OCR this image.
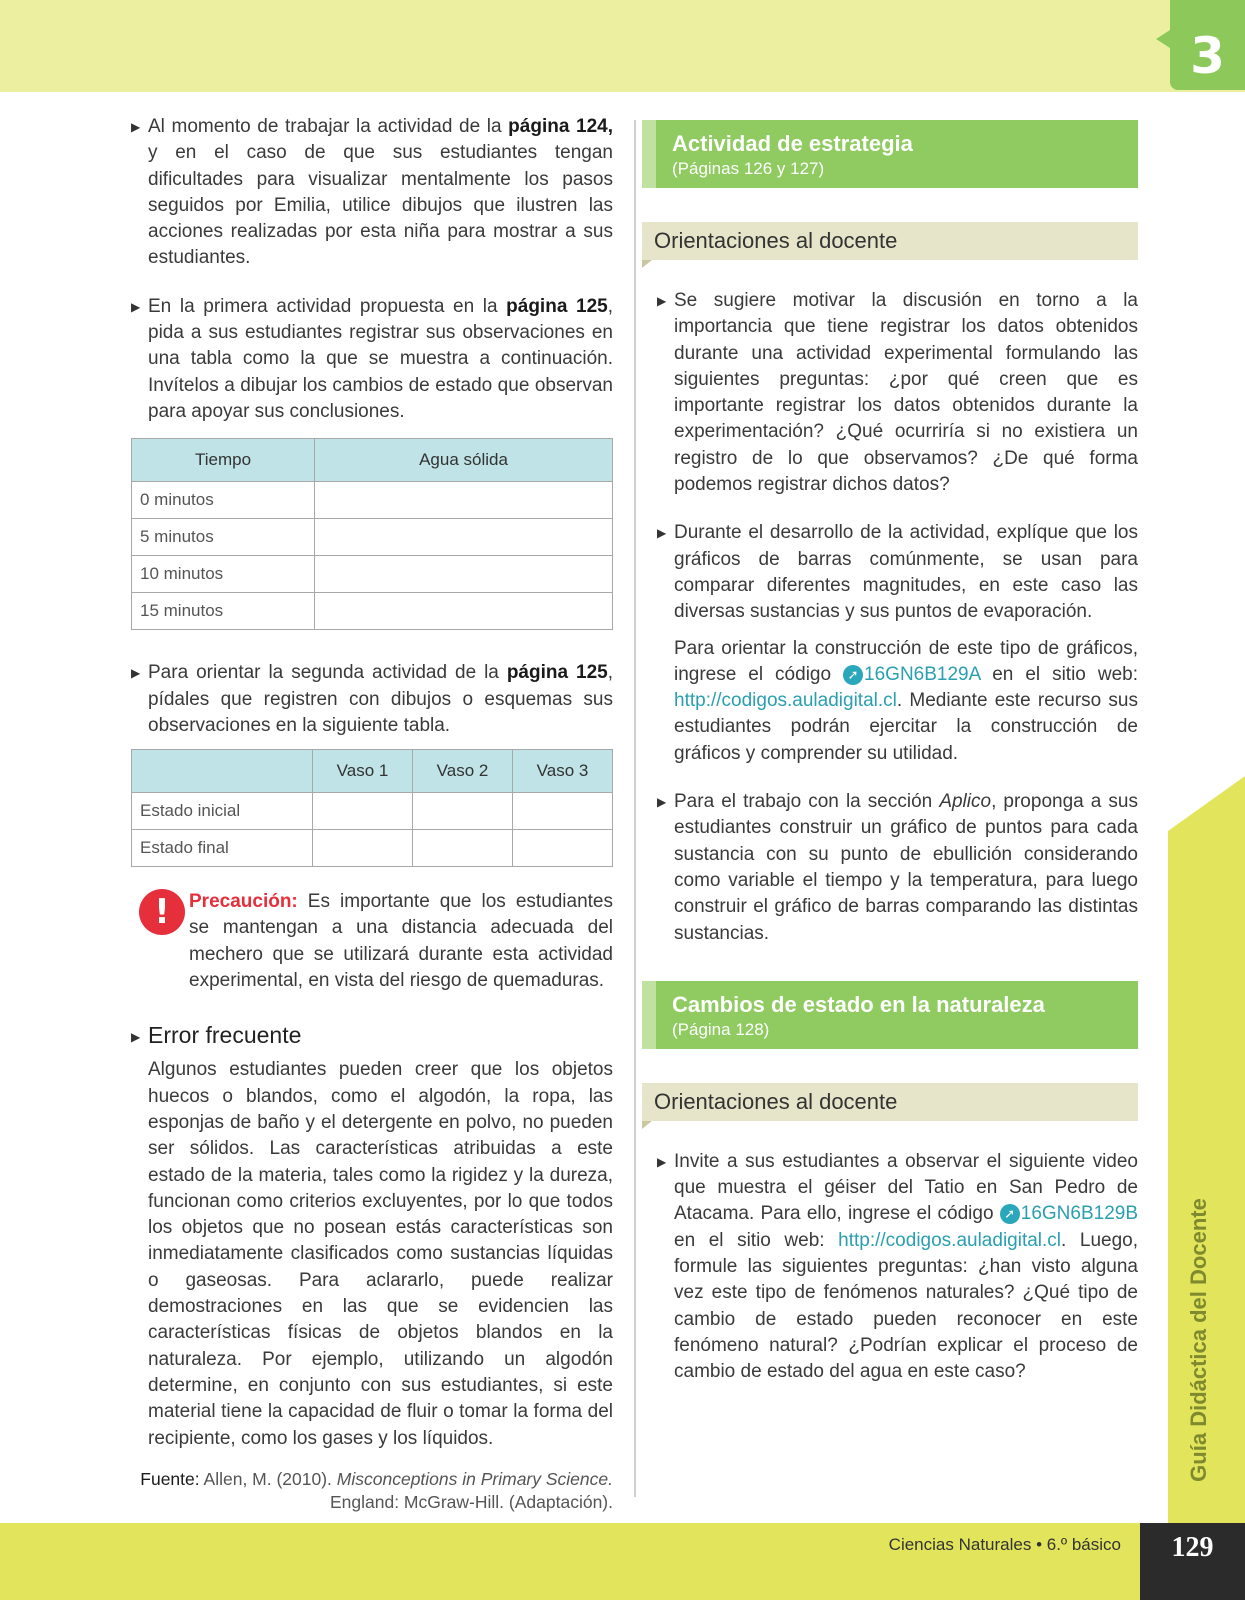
3
▶ Al momento de trabajar la actividad de la página 124, y en el caso de que sus estudiantes tengan dificultades para visualizar mentalmente los pasos seguidos por Emilia, utilice dibujos que ilustren las acciones realizadas por esta niña para mostrar a sus estudiantes.
▶ En la primera actividad propuesta en la página 125, pida a sus estudiantes registrar sus observaciones en una tabla como la que se muestra a continuación. Invítelos a dibujar los cambios de estado que observan para apoyar sus conclusiones.
Tiempo	Agua sólida
0 minutos	
5 minutos	
10 minutos	
15 minutos	
▶ Para orientar la segunda actividad de la página 125, pídales que registren con dibujos o esquemas sus observaciones en la siguiente tabla.
	Vaso 1	Vaso 2	Vaso 3
Estado inicial			
Estado final			
!	Precaución: Es importante que los estudiantes se mantengan a una distancia adecuada del mechero que se utilizará durante esta actividad experimental, en vista del riesgo de quemaduras.
▶ Error frecuente
Algunos estudiantes pueden creer que los objetos huecos o blandos, como el algodón, la ropa, las esponjas de baño y el detergente en polvo, no pueden ser sólidos. Las características atribuidas a este estado de la materia, tales como la rigidez y la dureza, funcionan como criterios excluyentes, por lo que todos los objetos que no posean estás características son inmediatamente clasificados como sustancias líquidas o gaseosas. Para aclararlo, puede realizar demostraciones en las que se evidencien las características físicas de objetos blandos en la naturaleza. Por ejemplo, utilizando un algodón determine, en conjunto con sus estudiantes, si este material tiene la capacidad de fluir o tomar la forma del recipiente, como los gases y los líquidos.
Fuente: Allen, M. (2010). Misconceptions in Primary Science.
England: McGraw-Hill. (Adaptación).
Actividad de estrategia
(Páginas 126 y 127)
Orientaciones al docente
▶ Se sugiere motivar la discusión en torno a la importancia que tiene registrar los datos obtenidos durante una actividad experimental formulando las siguientes preguntas: ¿por qué creen que es importante registrar los datos obtenidos durante la experimentación? ¿Qué ocurriría si no existiera un registro de lo que observamos? ¿De qué forma podemos registrar dichos datos?
▶ Durante el desarrollo de la actividad, explíque que los gráficos de barras comúnmente, se usan para comparar diferentes magnitudes, en este caso las diversas sustancias y sus puntos de evaporación.
Para orientar la construcción de este tipo de gráficos, ingrese el código ➚ 16GN6B129A en el sitio web: http://codigos.auladigital.cl. Mediante este recurso sus estudiantes podrán ejercitar la construcción de gráficos y comprender su utilidad.
▶ Para el trabajo con la sección Aplico, proponga a sus estudiantes construir un gráfico de puntos para cada sustancia con su punto de ebullición considerando como variable el tiempo y la temperatura, para luego construir el gráfico de barras comparando las distintas sustancias.
Cambios de estado en la naturaleza
(Página 128)
Orientaciones al docente
▶ Invite a sus estudiantes a observar el siguiente video que muestra el géiser del Tatio en San Pedro de Atacama. Para ello, ingrese el código ➚ 16GN6B129B en el sitio web: http://codigos.auladigital.cl. Luego, formule las siguientes preguntas: ¿han visto alguna vez este tipo de fenómenos naturales? ¿Qué tipo de cambio de estado pueden reconocer en este fenómeno natural? ¿Podrían explicar el proceso de cambio de estado del agua en este caso?	Guía Didáctica del Docente
Ciencias Naturales • 6.º básico	129
